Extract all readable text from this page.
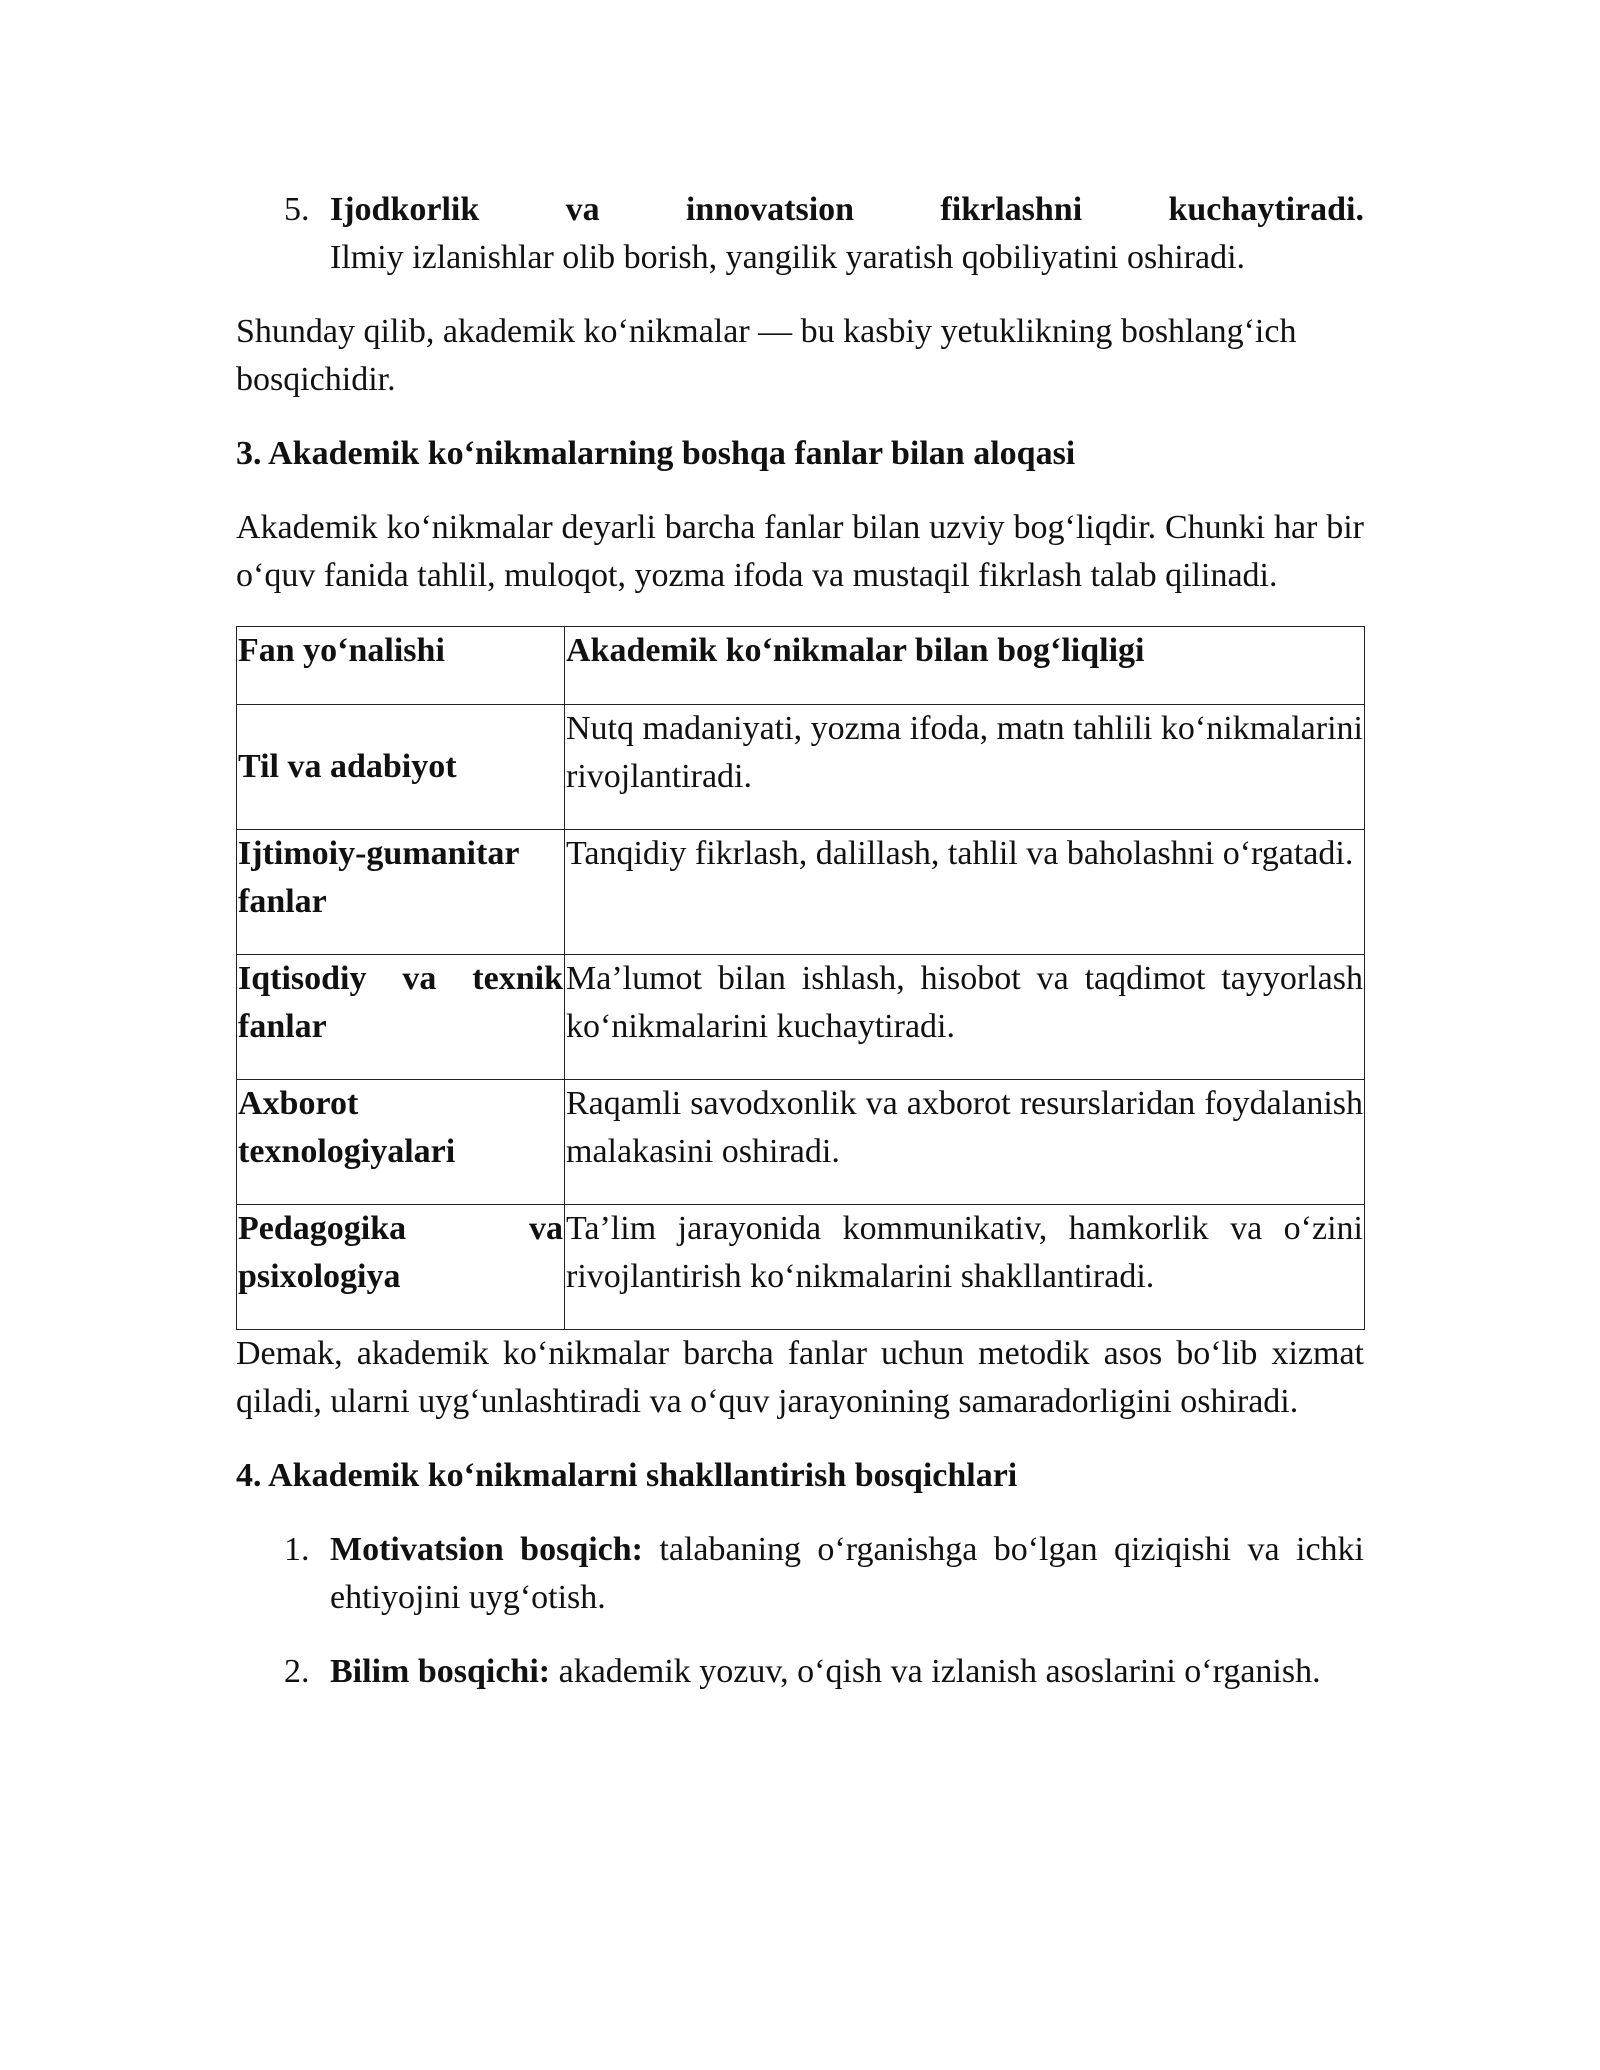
5. Ijodkorlik va innovatsion fikrlashni kuchaytiradi.
Ilmiy izlanishlar olib borish, yangilik yaratish qobiliyatini oshiradi.

Shunday qilib, akademik ko‘nikmalar — bu kasbiy yetuklikning boshlang‘ich bosqichidir.

3. Akademik ko‘nikmalarning boshqa fanlar bilan aloqasi

Akademik ko‘nikmalar deyarli barcha fanlar bilan uzviy bog‘liqdir. Chunki har bir o‘quv fanida tahlil, muloqot, yozma ifoda va mustaqil fikrlash talab qilinadi.

Fan yo‘nalishi	Akademik ko‘nikmalar bilan bog‘liqligi
Til va adabiyot	Nutq madaniyati, yozma ifoda, matn tahlili ko‘nikmalarini rivojlantiradi.
Ijtimoiy-gumanitar fanlar	Tanqidiy fikrlash, dalillash, tahlil va baholashni o‘rgatadi.
Iqtisodiy va texnik fanlar	Ma’lumot bilan ishlash, hisobot va taqdimot tayyorlash ko‘nikmalarini kuchaytiradi.
Axborot texnologiyalari	Raqamli savodxonlik va axborot resurslaridan foydalanish malakasini oshiradi.
Pedagogika va psixologiya	Ta’lim jarayonida kommunikativ, hamkorlik va o‘zini rivojlantirish ko‘nikmalarini shakllantiradi.

Demak, akademik ko‘nikmalar barcha fanlar uchun metodik asos bo‘lib xizmat qiladi, ularni uyg‘unlashtiradi va o‘quv jarayonining samaradorligini oshiradi.

4. Akademik ko‘nikmalarni shakllantirish bosqichlari

1. Motivatsion bosqich: talabaning o‘rganishga bo‘lgan qiziqishi va ichki ehtiyojini uyg‘otish.
2. Bilim bosqichi: akademik yozuv, o‘qish va izlanish asoslarini o‘rganish.
